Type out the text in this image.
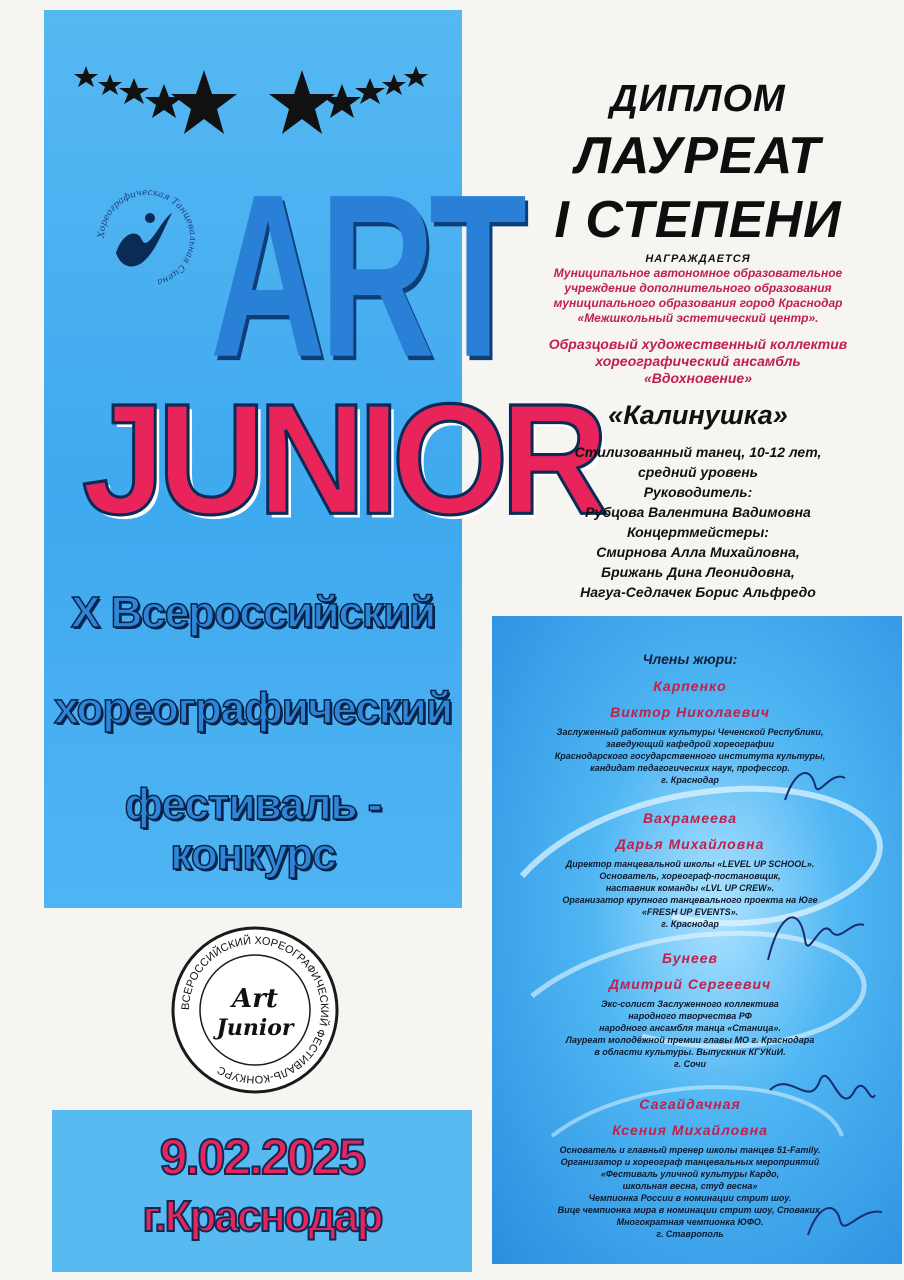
Хореографическая Танцевальная Сцена ART
JUNIOR
X Всероссийский
хореографический
фестиваль - конкурс
ВСЕРОССИЙСКИЙ ХОРЕОГРАФИЧЕСКИЙ ФЕСТИВАЛЬ-КОНКУРС
Art
Junior
9.02.2025
г.Краснодар
ДИПЛОМ
ЛАУРЕАТ
I СТЕПЕНИ
НАГРАЖДАЕТСЯ
Муниципальное автономное образовательное
учреждение дополнительного образования
муниципального образования город Краснодар
«Межшкольный эстетический центр».
Образцовый художественный коллектив
хореографический ансамбль
«Вдохновение»
«Калинушка»
Стилизованный танец, 10-12 лет,
средний уровень
Руководитель:
Рубцова Валентина Вадимовна
Концертмейстеры:
Смирнова Алла Михайловна,
Брижань Дина Леонидовна,
Нагуа-Седлачек Борис Альфредо
Члены жюри:
Карпенко
Виктор Николаевич
Заслуженный работник культуры Чеченской Республики,
заведующий кафедрой хореографии
Краснодарского государственного института культуры,
кандидат педагогических наук, профессор.
г. Краснодар
Вахрамеева
Дарья Михайловна
Директор танцевальной школы «LEVEL UP SCHOOL».
Основатель, хореограф-постановщик,
наставник команды «LVL UP CREW».
Организатор крупного танцевального проекта на Юге
«FRESH UP EVENTS».
г. Краснодар
Бунеев
Дмитрий Сергеевич
Экс-солист Заслуженного коллектива
народного творчества РФ
народного ансамбля танца «Станица».
Лауреат молодёжной премии главы МО г. Краснодара
в области культуры. Выпускник КГУКиИ.
г. Сочи
Сагайдачная
Ксения Михайловна
Основатель и главный тренер школы танцев 51-Family.
Организатор и хореограф танцевальных мероприятий
«Фестиваль уличной культуры Кардо,
школьная весна, студ весна»
Чемпионка России в номинации стрит шоу.
Вице чемпионка мира в номинации стрит шоу, Споваких.
Многократная чемпионка ЮФО.
г. Ставрополь
